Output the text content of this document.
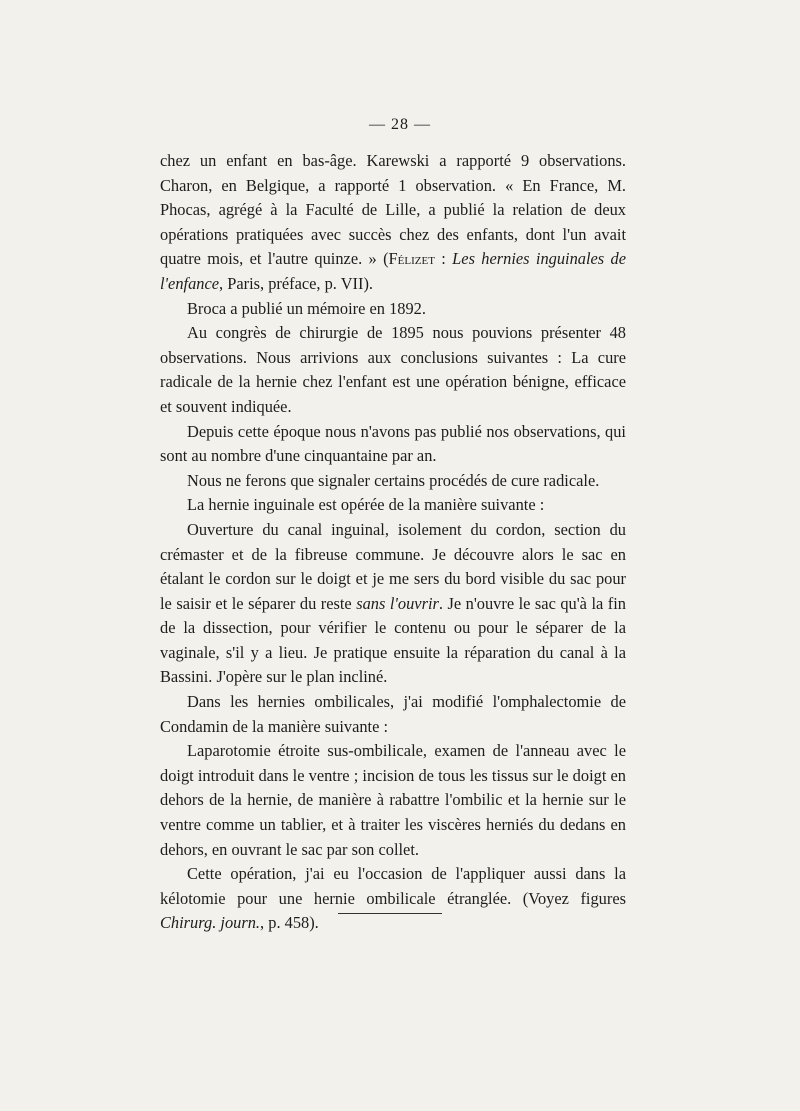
— 28 —

chez un enfant en bas-âge. Karewski a rapporté 9 observations. Charon, en Belgique, a rapporté 1 observation. « En France, M. Phocas, agrégé à la Faculté de Lille, a publié la relation de deux opérations pratiquées avec succès chez des enfants, dont l'un avait quatre mois, et l'autre quinze. » (Félizet : Les hernies inguinales de l'enfance, Paris, préface, p. VII).

Broca a publié un mémoire en 1892.

Au congrès de chirurgie de 1895 nous pouvions présenter 48 observations. Nous arrivions aux conclusions suivantes : La cure radicale de la hernie chez l'enfant est une opération bénigne, efficace et souvent indiquée.

Depuis cette époque nous n'avons pas publié nos observations, qui sont au nombre d'une cinquantaine par an.

Nous ne ferons que signaler certains procédés de cure radicale.

La hernie inguinale est opérée de la manière suivante :

Ouverture du canal inguinal, isolement du cordon, section du crémaster et de la fibreuse commune. Je découvre alors le sac en étalant le cordon sur le doigt et je me sers du bord visible du sac pour le saisir et le séparer du reste sans l'ouvrir. Je n'ouvre le sac qu'à la fin de la dissection, pour vérifier le contenu ou pour le séparer de la vaginale, s'il y a lieu. Je pratique ensuite la réparation du canal à la Bassini. J'opère sur le plan incliné.

Dans les hernies ombilicales, j'ai modifié l'omphalectomie de Condamin de la manière suivante :

Laparotomie étroite sus-ombilicale, examen de l'anneau avec le doigt introduit dans le ventre ; incision de tous les tissus sur le doigt en dehors de la hernie, de manière à rabattre l'ombilic et la hernie sur le ventre comme un tablier, et à traiter les viscères herniés du dedans en dehors, en ouvrant le sac par son collet.

Cette opération, j'ai eu l'occasion de l'appliquer aussi dans la kélotomie pour une hernie ombilicale étranglée. (Voyez figures Chirurg. journ., p. 458).
